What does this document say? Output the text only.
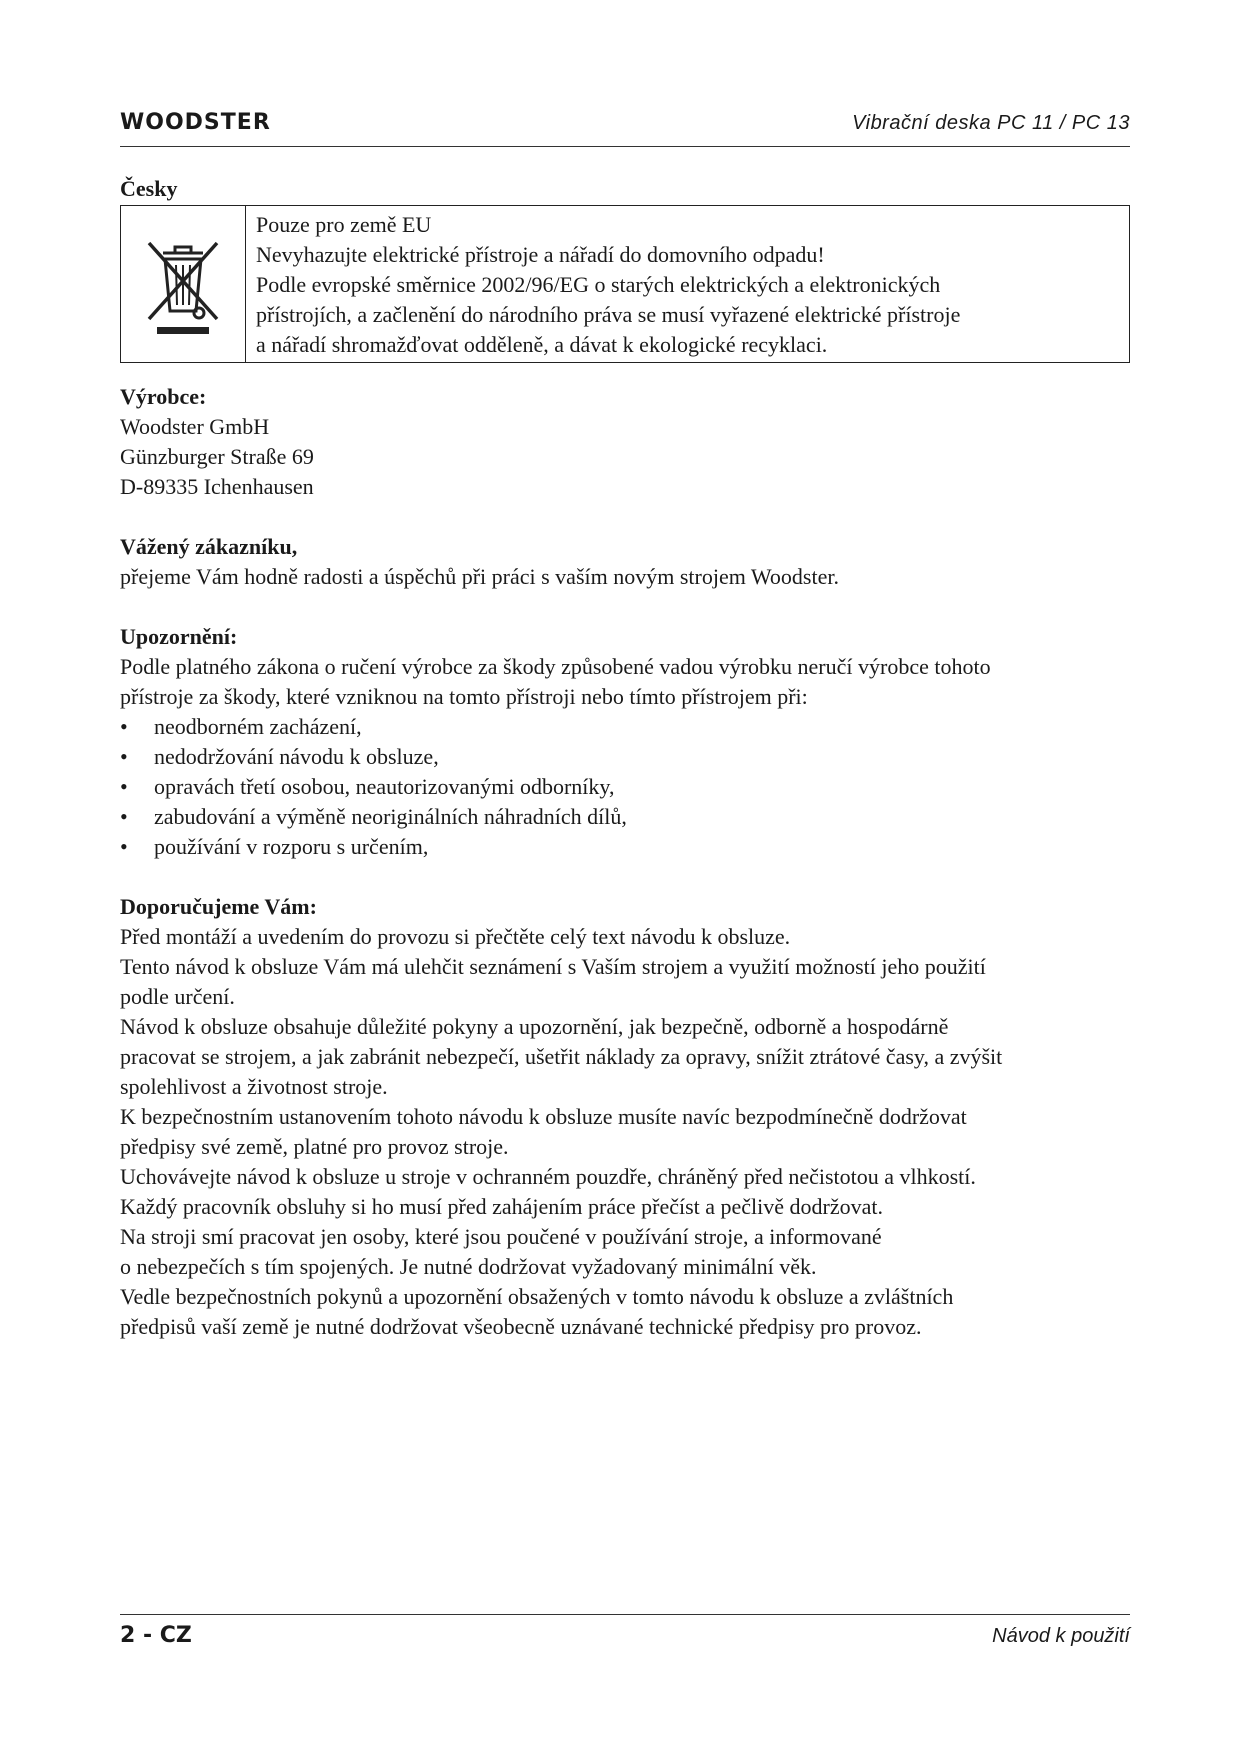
WOODSTER	Vibrační deska PC 11 / PC 13
Česky
Pouze pro země EU
Nevyhazujte elektrické přístroje a nářadí do domovního odpadu!
Podle evropské směrnice 2002/96/EG o starých elektrických a elektronických
přístrojích, a začlenění do národního práva se musí vyřazené elektrické přístroje
a nářadí shromažďovat odděleně, a dávat k ekologické recyklaci.

Výrobce:

Woodster GmbH

Günzburger Straße 69

D-89335 Ichenhausen

Vážený zákazníku,

přejeme Vám hodně radosti a úspěchů při práci s vaším novým strojem Woodster.

Upozornění:

Podle platného zákona o ručení výrobce za škody způsobené vadou výrobku neručí výrobce tohoto

přístroje za škody, které vzniknou na tomto přístroji nebo tímto přístrojem při:

• neodborném zacházení,
• nedodržování návodu k obsluze,
• opravách třetí osobou, neautorizovanými odborníky,
• zabudování a výměně neoriginálních náhradních dílů,
• používání v rozporu s určením,

Doporučujeme Vám:

Před montáží a uvedením do provozu si přečtěte celý text návodu k obsluze.

Tento návod k obsluze Vám má ulehčit seznámení s Vaším strojem a využití možností jeho použití

podle určení.

Návod k obsluze obsahuje důležité pokyny a upozornění, jak bezpečně, odborně a hospodárně

pracovat se strojem, a jak zabránit nebezpečí, ušetřit náklady za opravy, snížit ztrátové časy, a zvýšit

spolehlivost a životnost stroje.

K bezpečnostním ustanovením tohoto návodu k obsluze musíte navíc bezpodmínečně dodržovat

předpisy své země, platné pro provoz stroje.

Uchovávejte návod k obsluze u stroje v ochranném pouzdře, chráněný před nečistotou a vlhkostí.

Každý pracovník obsluhy si ho musí před zahájením práce přečíst a pečlivě dodržovat.

Na stroji smí pracovat jen osoby, které jsou poučené v používání stroje, a informované

o nebezpečích s tím spojených. Je nutné dodržovat vyžadovaný minimální věk.

Vedle bezpečnostních pokynů a upozornění obsažených v tomto návodu k obsluze a zvláštních

předpisů vaší země je nutné dodržovat všeobecně uznávané technické předpisy pro provoz.

2 - CZ	Návod k použití
